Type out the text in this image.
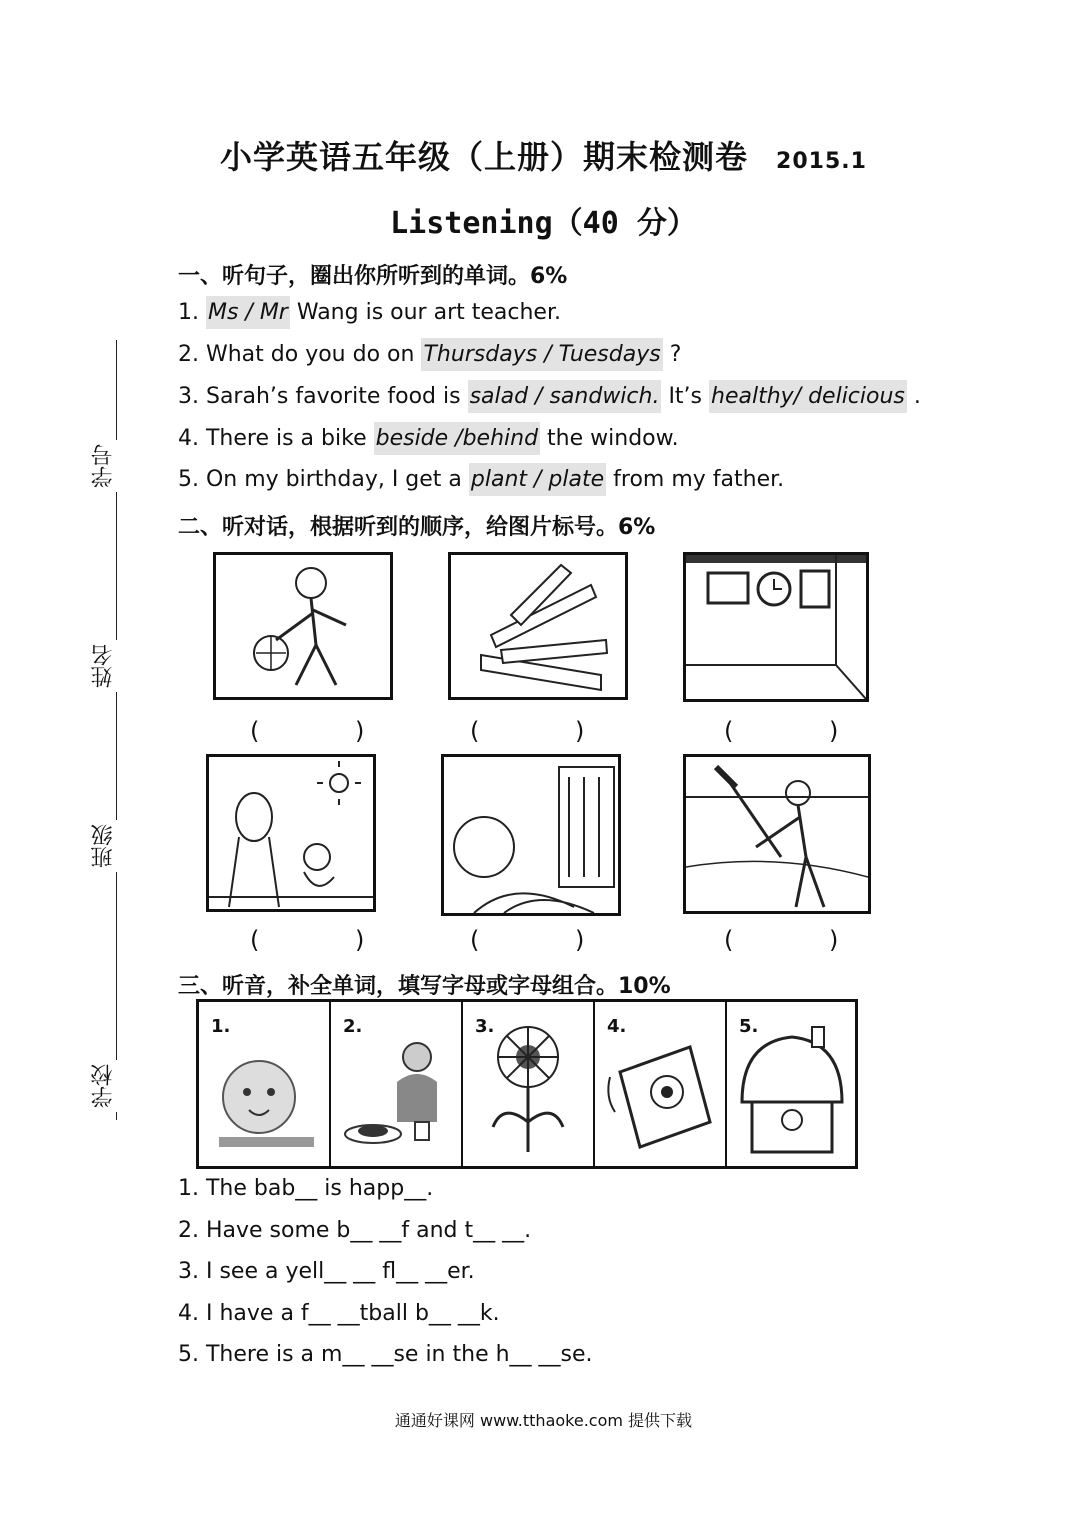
小学英语五年级（上册）期末检测卷 2015.1
Listening（40 分）
学号
姓名
班级
学校
一、听句子，圈出你所听到的单词。6%
1. Ms / Mr Wang is our art teacher.
2. What do you do on Thursdays / Tuesdays ?
3. Sarah’s favorite food is salad / sandwich. It’s healthy/ delicious .
4. There is a bike beside /behind the window.
5. On my birthday, I get a plant / plate from my father.
二、听对话，根据听到的顺序，给图片标号。6%
( )	( )	( )
( )	( )	( )
三、听音，补全单词，填写字母或字母组合。10%
1.	2.	3.	4.	5.
1. The bab__ is happ__.
2. Have some b__ __f and t__ __.
3. I see a yell__ __ fl__ __er.
4. I have a f__ __tball b__ __k.
5. There is a m__ __se in the h__ __se.
通通好课网 www.tthaoke.com 提供下载
